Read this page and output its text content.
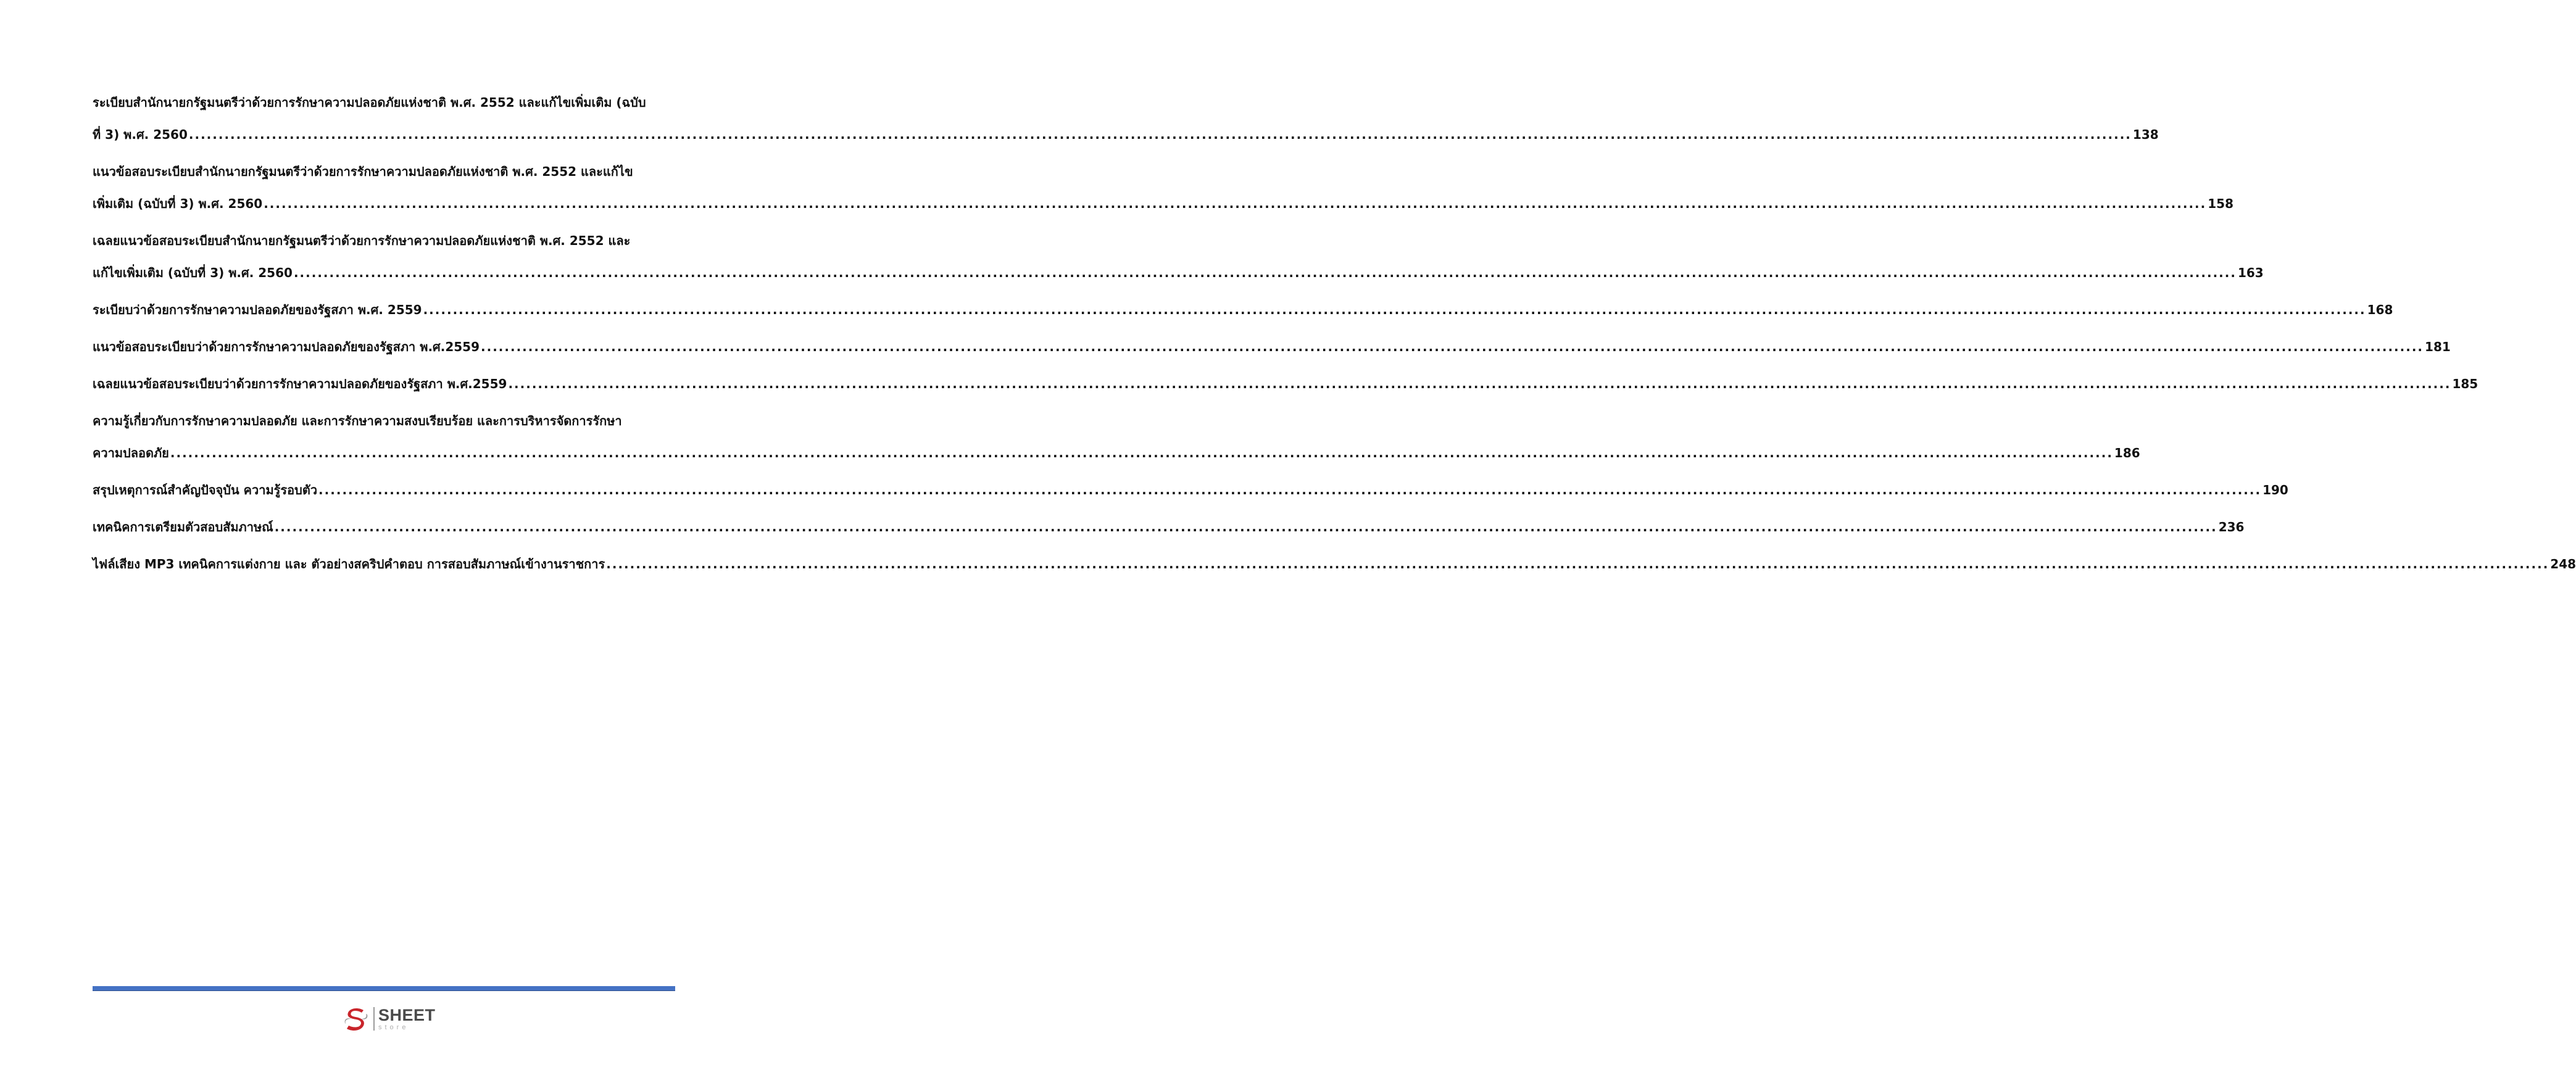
ระเบียบสำนักนายกรัฐมนตรีว่าด้วยการรักษาความปลอดภัยแห่งชาติ พ.ศ. 2552 และแก้ไขเพิ่มเติม (ฉบับ
ที่ 3) พ.ศ. 2560 .....	138
แนวข้อสอบระเบียบสำนักนายกรัฐมนตรีว่าด้วยการรักษาความปลอดภัยแห่งชาติ พ.ศ. 2552 และแก้ไข
เพิ่มเติม (ฉบับที่ 3) พ.ศ. 2560 .....	158
เฉลยแนวข้อสอบระเบียบสำนักนายกรัฐมนตรีว่าด้วยการรักษาความปลอดภัยแห่งชาติ พ.ศ. 2552 และ
แก้ไขเพิ่มเติม (ฉบับที่ 3) พ.ศ. 2560 .....	163
ระเบียบว่าด้วยการรักษาความปลอดภัยของรัฐสภา พ.ศ. 2559 .....	168
แนวข้อสอบระเบียบว่าด้วยการรักษาความปลอดภัยของรัฐสภา พ.ศ.2559 .....	181
เฉลยแนวข้อสอบระเบียบว่าด้วยการรักษาความปลอดภัยของรัฐสภา พ.ศ.2559 .....	185
ความรู้เกี่ยวกับการรักษาความปลอดภัย และการรักษาความสงบเรียบร้อย และการบริหารจัดการรักษา
ความปลอดภัย .....	186
สรุปเหตุการณ์สำคัญปัจจุบัน ความรู้รอบตัว .....	190
เทคนิคการเตรียมตัวสอบสัมภาษณ์ .....	236
ไฟล์เสียง MP3 เทคนิคการแต่งกาย และ ตัวอย่างสคริปคำตอบ การสอบสัมภาษณ์เข้างานราชการ .....	248
SHEET
store
